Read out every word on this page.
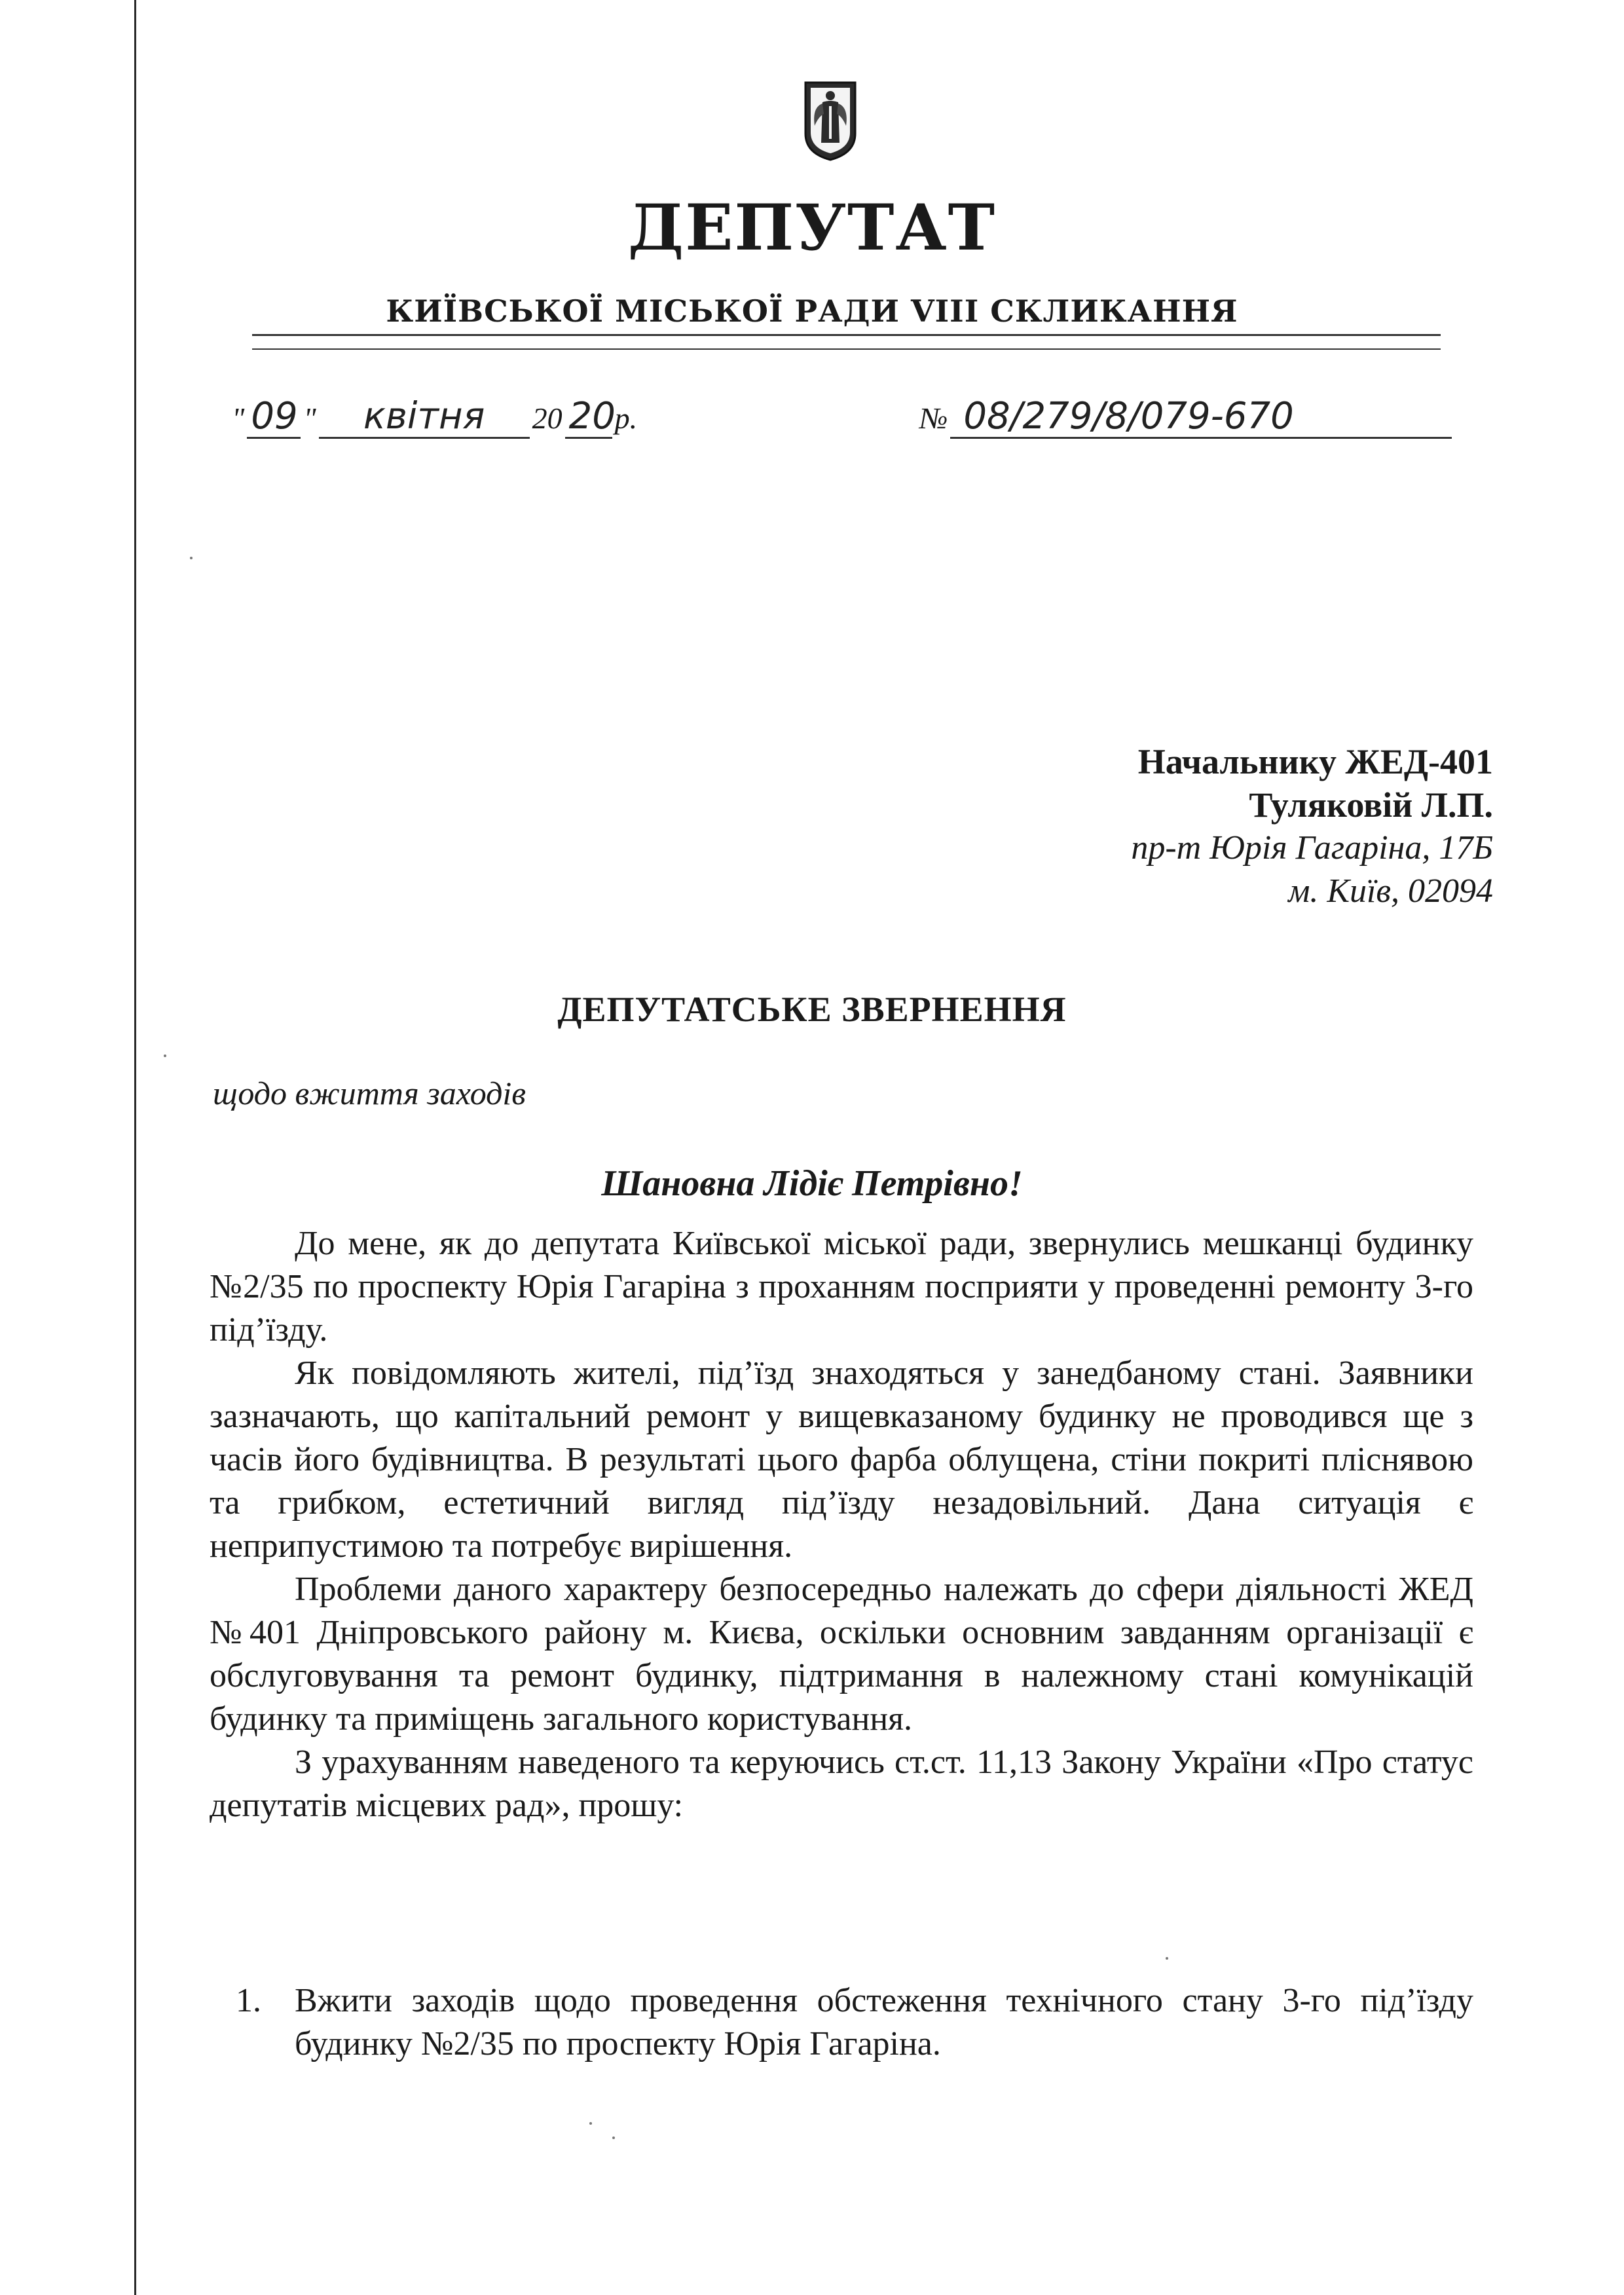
ДЕПУТАТ
КИЇВСЬКОЇ МІСЬКОЇ РАДИ VIII СКЛИКАННЯ
" 09 "	квітня	20 20
р.	№ 08/279/8/079-670
Начальнику ЖЕД-401
Туляковій Л.П.
пр-т Юрія Гагаріна, 17Б
м. Київ, 02094
ДЕПУТАТСЬКЕ ЗВЕРНЕННЯ
щодо вжиття заходів
Шановна Лідіє Петрівно!

До мене, як до депутата Київської міської ради, звернулись мешканці будинку №2/35 по проспекту Юрія Гагаріна з проханням посприяти у проведенні ремонту 3-го під’їзду.

Як повідомляють жителі, під’їзд знаходяться у занедбаному стані. Заявники зазначають, що капітальний ремонт у вищевказаному будинку не проводився ще з часів його будівництва. В результаті цього фарба облущена, стіни покриті пліснявою та грибком, естетичний вигляд під’їзду незадовільний. Дана ситуація є неприпустимою та потребує вирішення.

Проблеми даного характеру безпосередньо належать до сфери діяльності ЖЕД №401 Дніпровського району м. Києва, оскільки основним завданням організації є обслуговування та ремонт будинку, підтримання в належному стані комунікацій будинку та приміщень загального користування.

З урахуванням наведеного та керуючись ст.ст. 11,13 Закону України «Про статус депутатів місцевих рад», прошу:

1. Вжити заходів щодо проведення обстеження технічного стану 3-го під’їзду будинку №2/35 по проспекту Юрія Гагаріна.
